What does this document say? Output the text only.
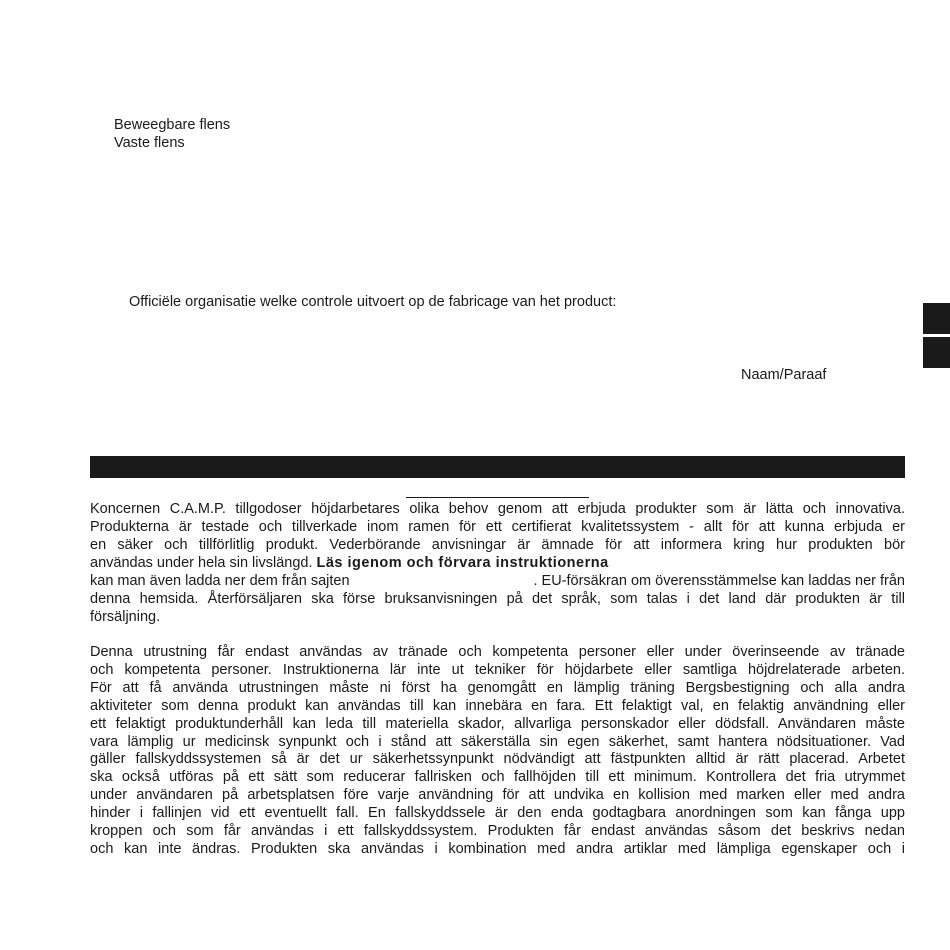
Beweegbare flens
Vaste flens
Officiële organisatie welke controle uitvoert op de fabricage van het product:
Naam/Paraaf
Koncernen C.A.M.P. tillgodoser höjdarbetares olika behov genom att erbjuda produkter som är lätta och innovativa.
Produkterna är testade och tillverkade inom ramen för ett certifierat kvalitetssystem - allt för att kunna erbjuda er
en säker och tillförlitlig produkt. Vederbörande anvisningar är ämnade för att informera kring hur produkten bör
användas under hela sin livslängd. Läs igenom och förvara instruktionerna
kan man även ladda ner dem från sajten	. EU-försäkran om överensstämmelse kan laddas ner från
denna hemsida. Återförsäljaren ska förse bruksanvisningen på det språk, som talas i det land där produkten är till
försäljning.
Denna utrustning får endast användas av tränade och kompetenta personer eller under överinseende av tränade
och kompetenta personer. Instruktionerna lär inte ut tekniker för höjdarbete eller samtliga höjdrelaterade arbeten.
För att få använda utrustningen måste ni först ha genomgått en lämplig träning Bergsbestigning och alla andra
aktiviteter som denna produkt kan användas till kan innebära en fara. Ett felaktigt val, en felaktig användning eller
ett felaktigt produktunderhåll kan leda till materiella skador, allvarliga personskador eller dödsfall. Användaren måste
vara lämplig ur medicinsk synpunkt och i stånd att säkerställa sin egen säkerhet, samt hantera nödsituationer. Vad
gäller fallskyddssystemen så är det ur säkerhetssynpunkt nödvändigt att fästpunkten alltid är rätt placerad. Arbetet
ska också utföras på ett sätt som reducerar fallrisken och fallhöjden till ett minimum. Kontrollera det fria utrymmet
under användaren på arbetsplatsen före varje användning för att undvika en kollision med marken eller med andra
hinder i fallinjen vid ett eventuellt fall. En fallskyddssele är den enda godtagbara anordningen som kan fånga upp
kroppen och som får användas i ett fallskyddssystem. Produkten får endast användas såsom det beskrivs nedan
och kan inte ändras. Produkten ska användas i kombination med andra artiklar med lämpliga egenskaper och i
